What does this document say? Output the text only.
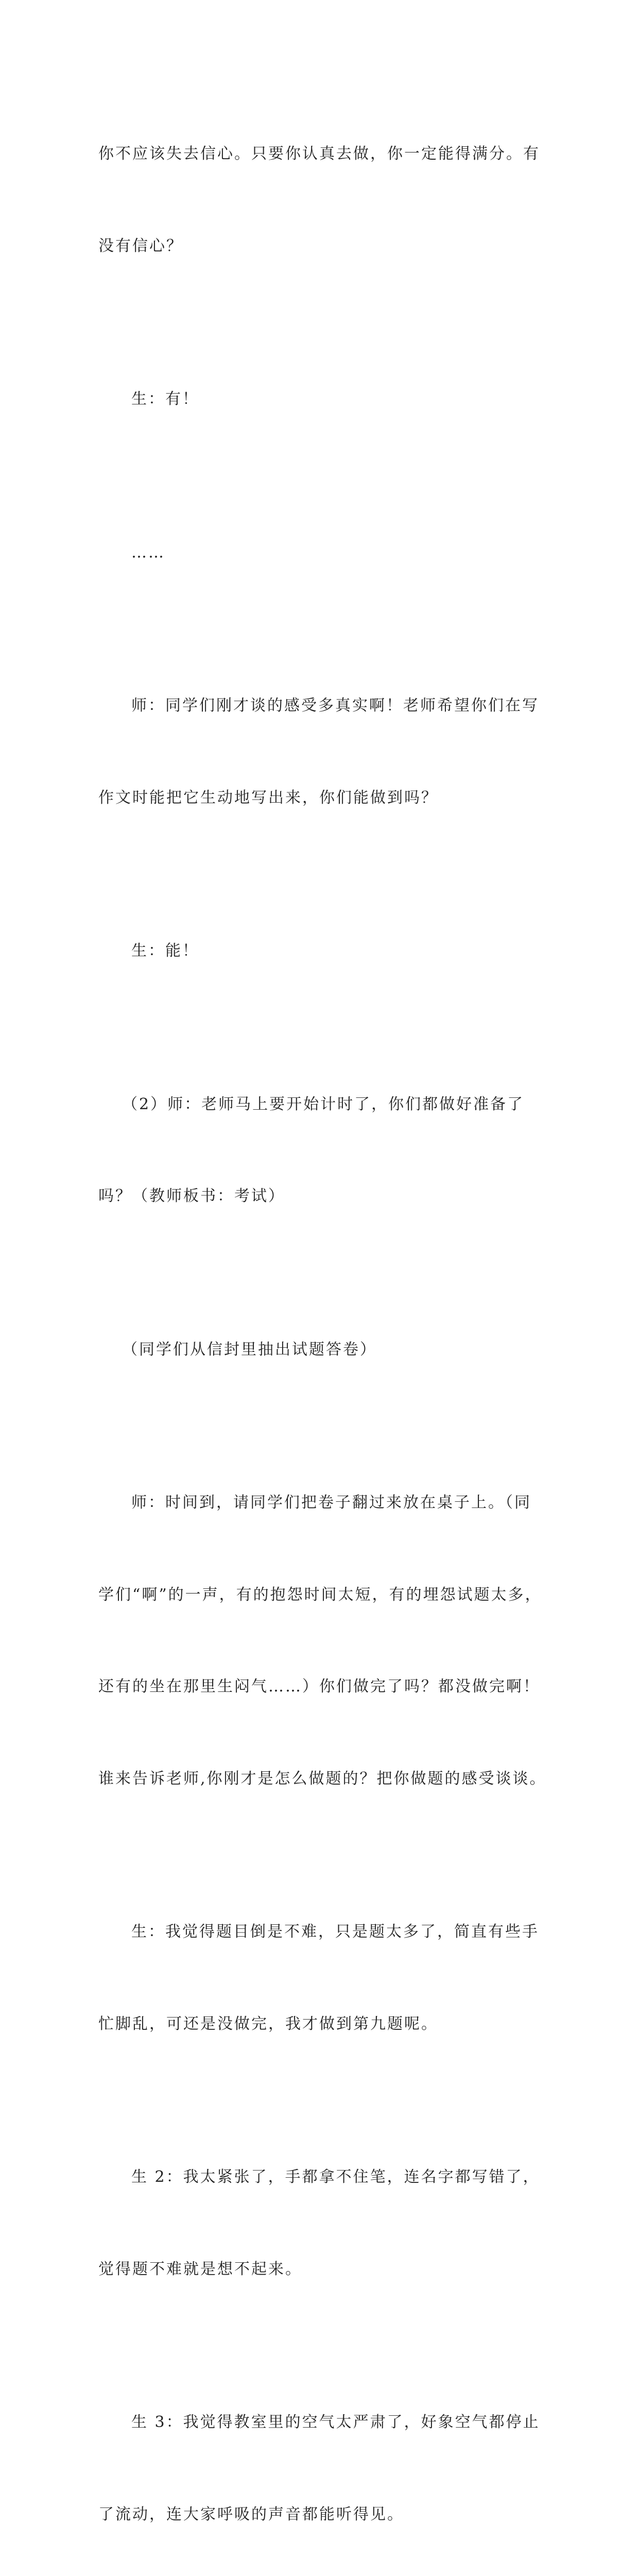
你不应该失去信心。只要你认真去做，你一定能得满分。有

没有信心？

生：有！

……

师：同学们刚才谈的感受多真实啊！老师希望你们在写

作文时能把它生动地写出来，你们能做到吗？

生：能！

（2）师：老师马上要开始计时了，你们都做好准备了

吗？（教师板书：考试）

（同学们从信封里抽出试题答卷）

师：时间到，请同学们把卷子翻过来放在桌子上。（同

学们“啊”的一声，有的抱怨时间太短，有的埋怨试题太多，

还有的坐在那里生闷气……）你们做完了吗？都没做完啊！

谁来告诉老师,你刚才是怎么做题的？把你做题的感受谈谈。

生：我觉得题目倒是不难，只是题太多了，简直有些手

忙脚乱，可还是没做完，我才做到第九题呢。

生 2：我太紧张了，手都拿不住笔，连名字都写错了，

觉得题不难就是想不起来。

生 3：我觉得教室里的空气太严肃了，好象空气都停止

了流动，连大家呼吸的声音都能听得见。
